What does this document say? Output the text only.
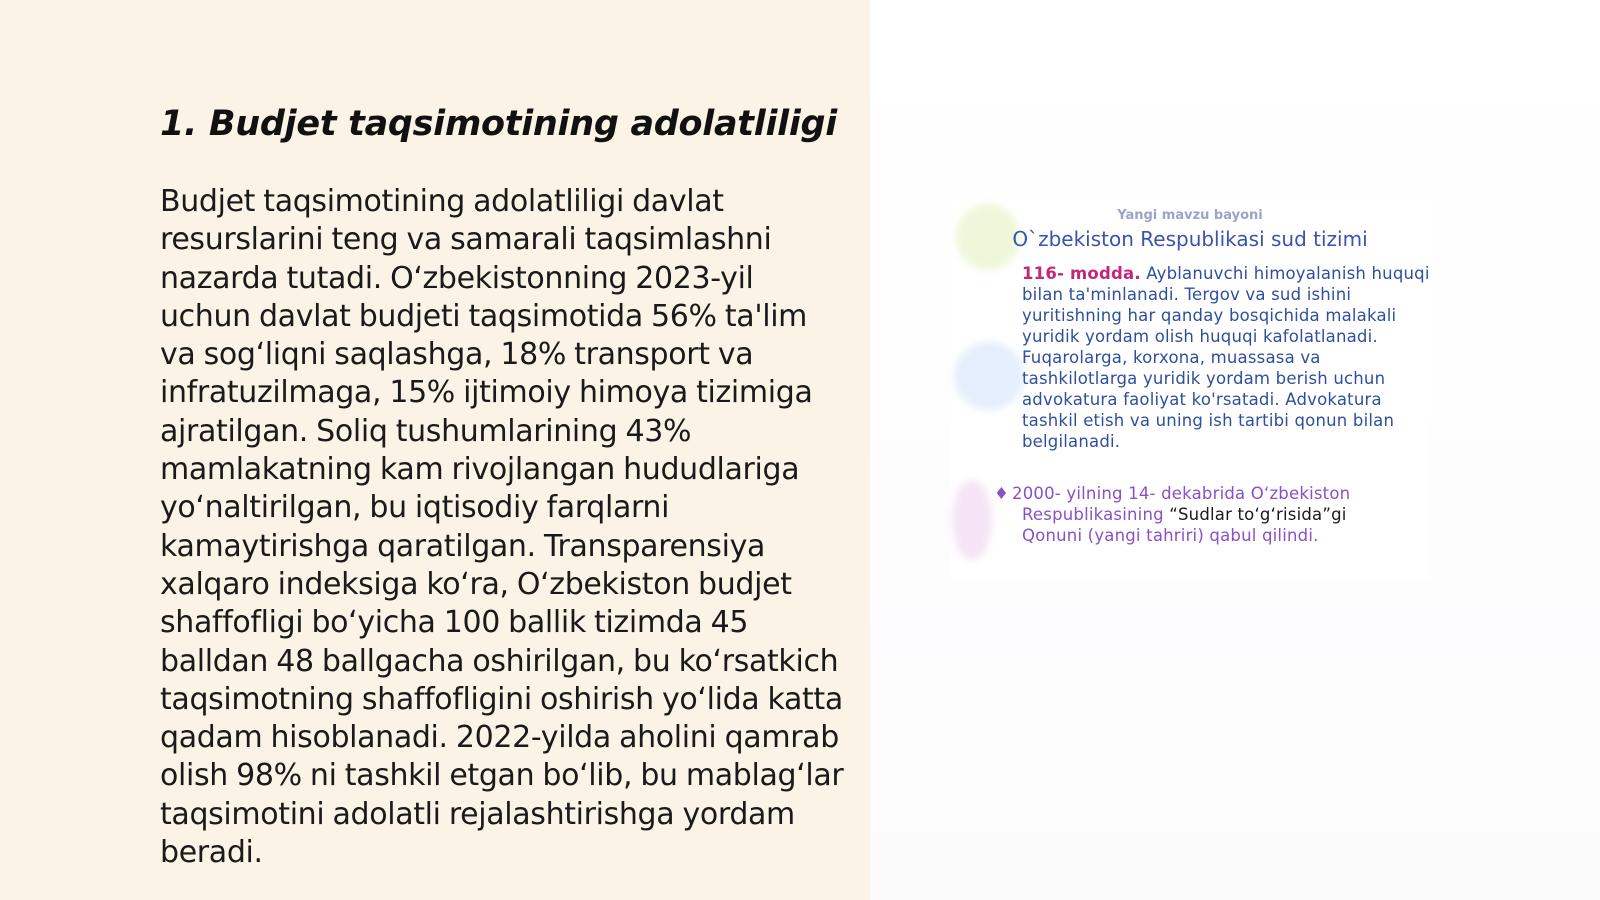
1. Budjet taqsimotining adolatliligi

Budjet taqsimotining adolatliligi davlat resurslarini teng va samarali taqsimlashni nazarda tutadi. O‘zbekistonning 2023-yil uchun davlat budjeti taqsimotida 56% ta'lim va sog‘liqni saqlashga, 18% transport va infratuzilmaga, 15% ijtimoiy himoya tizimiga ajratilgan. Soliq tushumlarining 43% mamlakatning kam rivojlangan hududlariga yo‘naltirilgan, bu iqtisodiy farqlarni kamaytirishga qaratilgan. Transparensiya xalqaro indeksiga ko‘ra, O‘zbekiston budjet shaffofligi bo‘yicha 100 ballik tizimda 45 balldan 48 ballgacha oshirilgan, bu ko‘rsatkich taqsimotning shaffofligini oshirish yo‘lida katta qadam hisoblanadi. 2022-yilda aholini qamrab olish 98% ni tashkil etgan bo‘lib, bu mablag‘lar taqsimotini adolatli rejalashtirishga yordam beradi.

Yangi mavzu bayoni
O`zbekiston Respublikasi sud tizimi
116- modda. Ayblanuvchi himoyalanish huquqi bilan ta'minlanadi. Tergov va sud ishini yuritishning har qanday bosqichida malakali yuridik yordam olish huquqi kafolatlanadi. Fuqarolarga, korxona, muassasa va tashkilotlarga yuridik yordam berish uchun advokatura faoliyat ko'rsatadi. Advokatura tashkil etish va uning ish tartibi qonun bilan belgilanadi.
♦ 2000- yilning 14- dekabrida O‘zbekiston
Respublikasining “Sudlar to‘g‘risida”gi
Qonuni (yangi tahriri) qabul qilindi.
